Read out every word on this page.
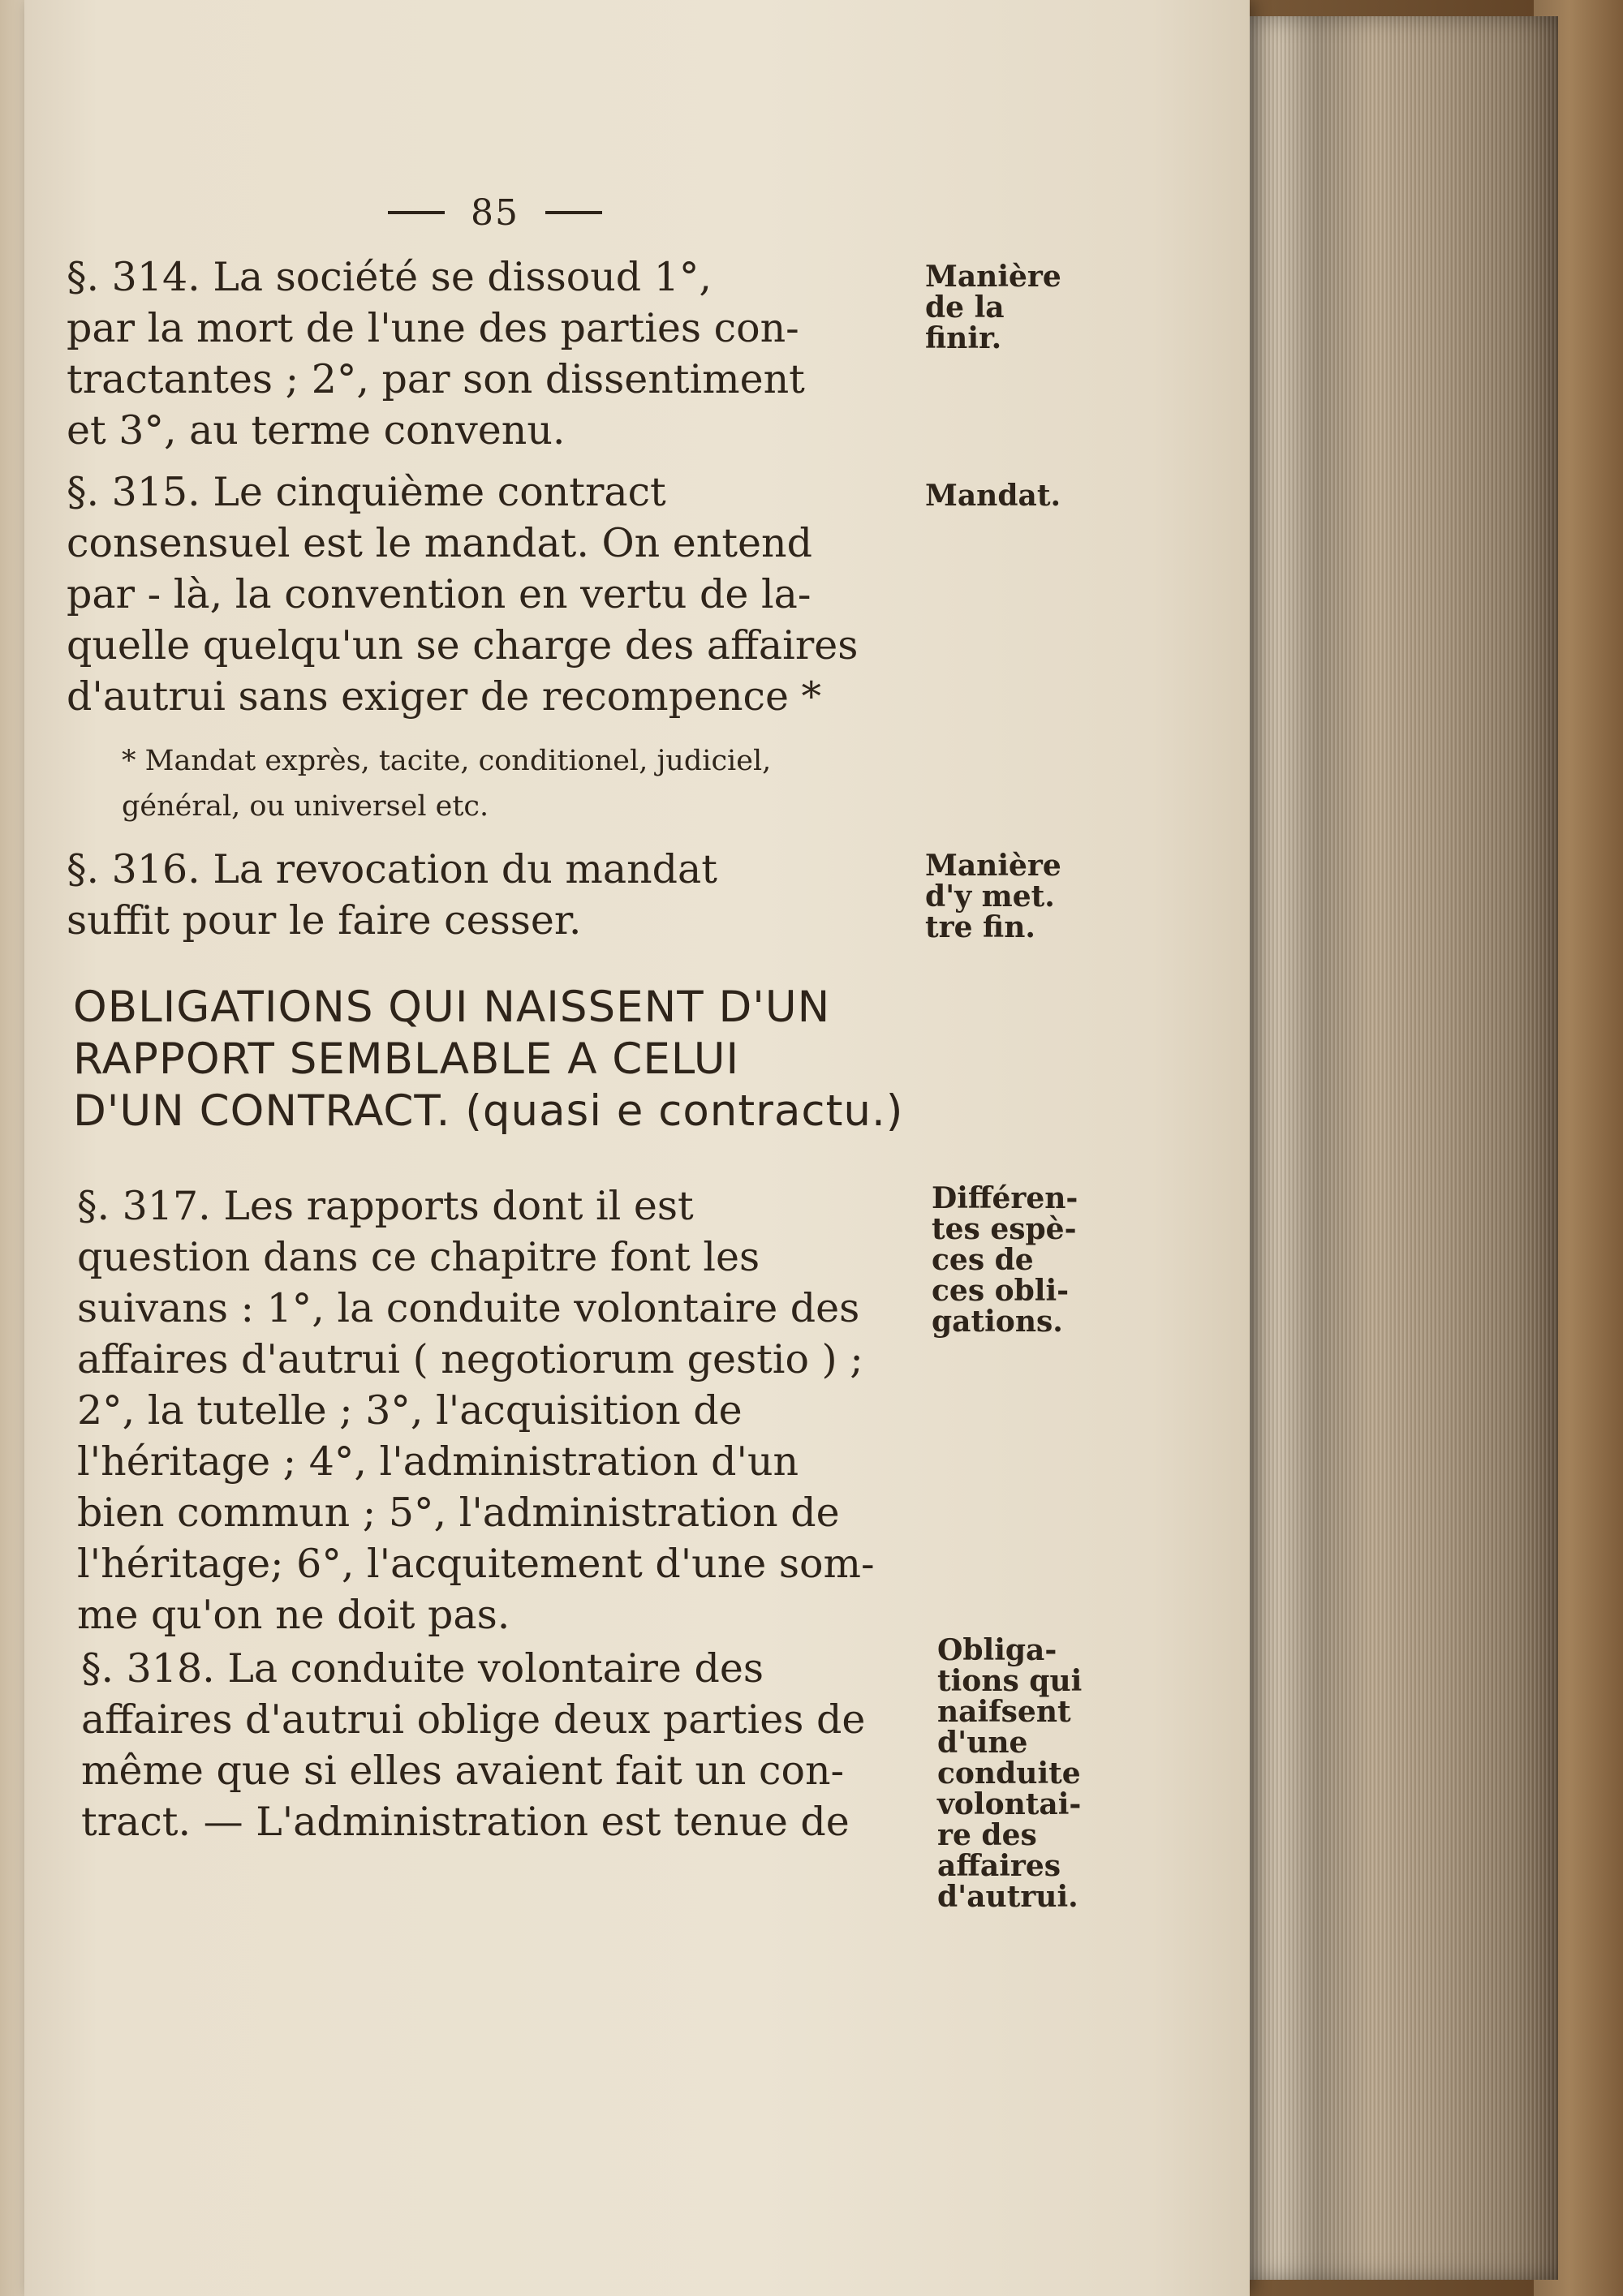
85
§. 314. La société se dissoud 1°,
par la mort de l'une des parties con-
tractantes ; 2°, par son dissentiment
et 3°, au terme convenu.
Manière
de la
finir.
§. 315. Le cinquième contract
consensuel est le mandat. On entend
par - là, la convention en vertu de la-
quelle quelqu'un se charge des affaires
d'autrui sans exiger de recompence *
Mandat.
* Mandat exprès, tacite, conditionel, judiciel,
général, ou universel etc.
§. 316. La revocation du mandat
suffit pour le faire cesser.
Manière
d'y met.
tre fin.
OBLIGATIONS QUI NAISSENT D'UN
RAPPORT SEMBLABLE A CELUI
D'UN CONTRACT. (quasi e contractu.)
§. 317. Les rapports dont il est
question dans ce chapitre font les
suivans : 1°, la conduite volontaire des
affaires d'autrui ( negotiorum gestio ) ;
2°, la tutelle ; 3°, l'acquisition de
l'héritage ; 4°, l'administration d'un
bien commun ; 5°, l'administration de
l'héritage; 6°, l'acquitement d'une som-
me qu'on ne doit pas.
Différen-
tes espè-
ces de
ces obli-
gations.
§. 318. La conduite volontaire des
affaires d'autrui oblige deux parties de
même que si elles avaient fait un con-
tract. — L'administration est tenue de
Obliga-
tions qui
naifsent
d'une
conduite
volontai-
re des
affaires
d'autrui.
